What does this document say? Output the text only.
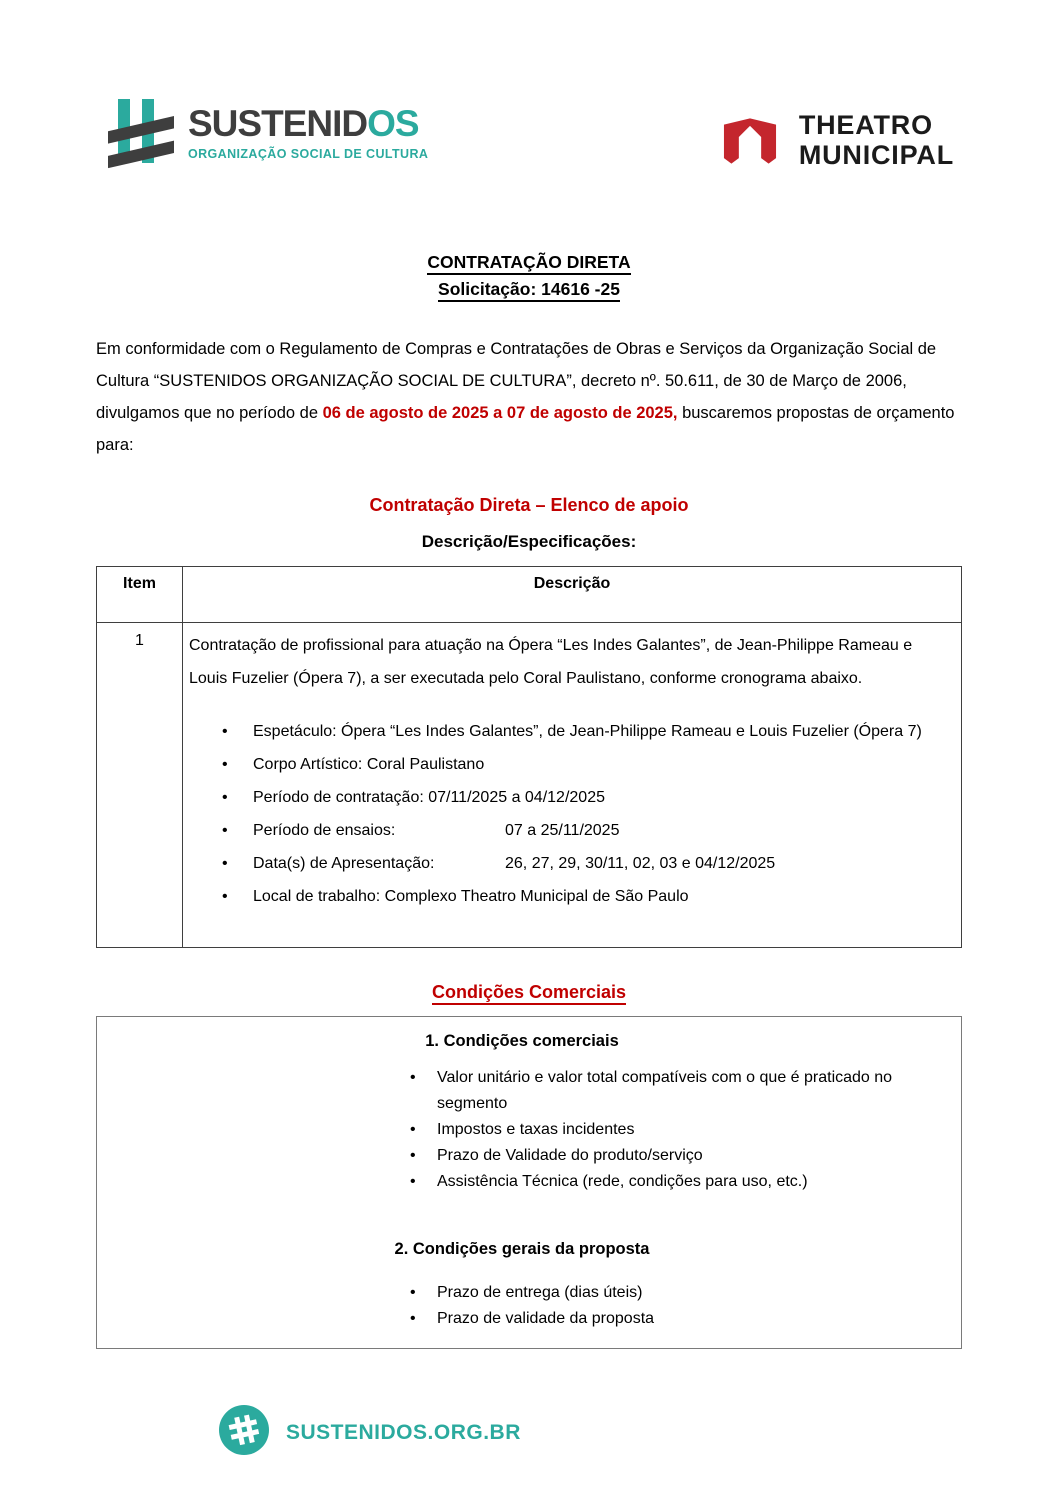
SUSTENIDOS
ORGANIZAÇÃO SOCIAL DE CULTURA
THEATRO
MUNICIPAL
CONTRATAÇÃO DIRETA
Solicitação: 14616 -25

Em conformidade com o Regulamento de Compras e Contratações de Obras e Serviços da Organização Social de Cultura “SUSTENIDOS ORGANIZAÇÃO SOCIAL DE CULTURA”, decreto nº. 50.611, de 30 de Março de 2006, divulgamos que no período de 06 de agosto de 2025 a 07 de agosto de 2025, buscaremos propostas de orçamento para:

Contratação Direta – Elenco de apoio
Descrição/Especificações:
Item	Descrição
1	Contratação de profissional para atuação na Ópera “Les Indes Galantes”, de Jean-Philippe Rameau e Louis Fuzelier (Ópera 7), a ser executada pelo Coral Paulistano, conforme cronograma abaixo.
• Espetáculo: Ópera “Les Indes Galantes”, de Jean-Philippe Rameau e Louis Fuzelier (Ópera 7)
• Corpo Artístico: Coral Paulistano
• Período de contratação: 07/11/2025 a 04/12/2025
• Período de ensaios:	07 a 25/11/2025
• Data(s) de Apresentação:	26, 27, 29, 30/11, 02, 03 e 04/12/2025
• Local de trabalho: Complexo Theatro Municipal de São Paulo
Condições Comerciais
1. Condições comerciais
• Valor unitário e valor total compatíveis com o que é praticado no segmento
• Impostos e taxas incidentes
• Prazo de Validade do produto/serviço
• Assistência Técnica (rede, condições para uso, etc.)
2. Condições gerais da proposta
• Prazo de entrega (dias úteis)
• Prazo de validade da proposta
SUSTENIDOS.ORG.BR
